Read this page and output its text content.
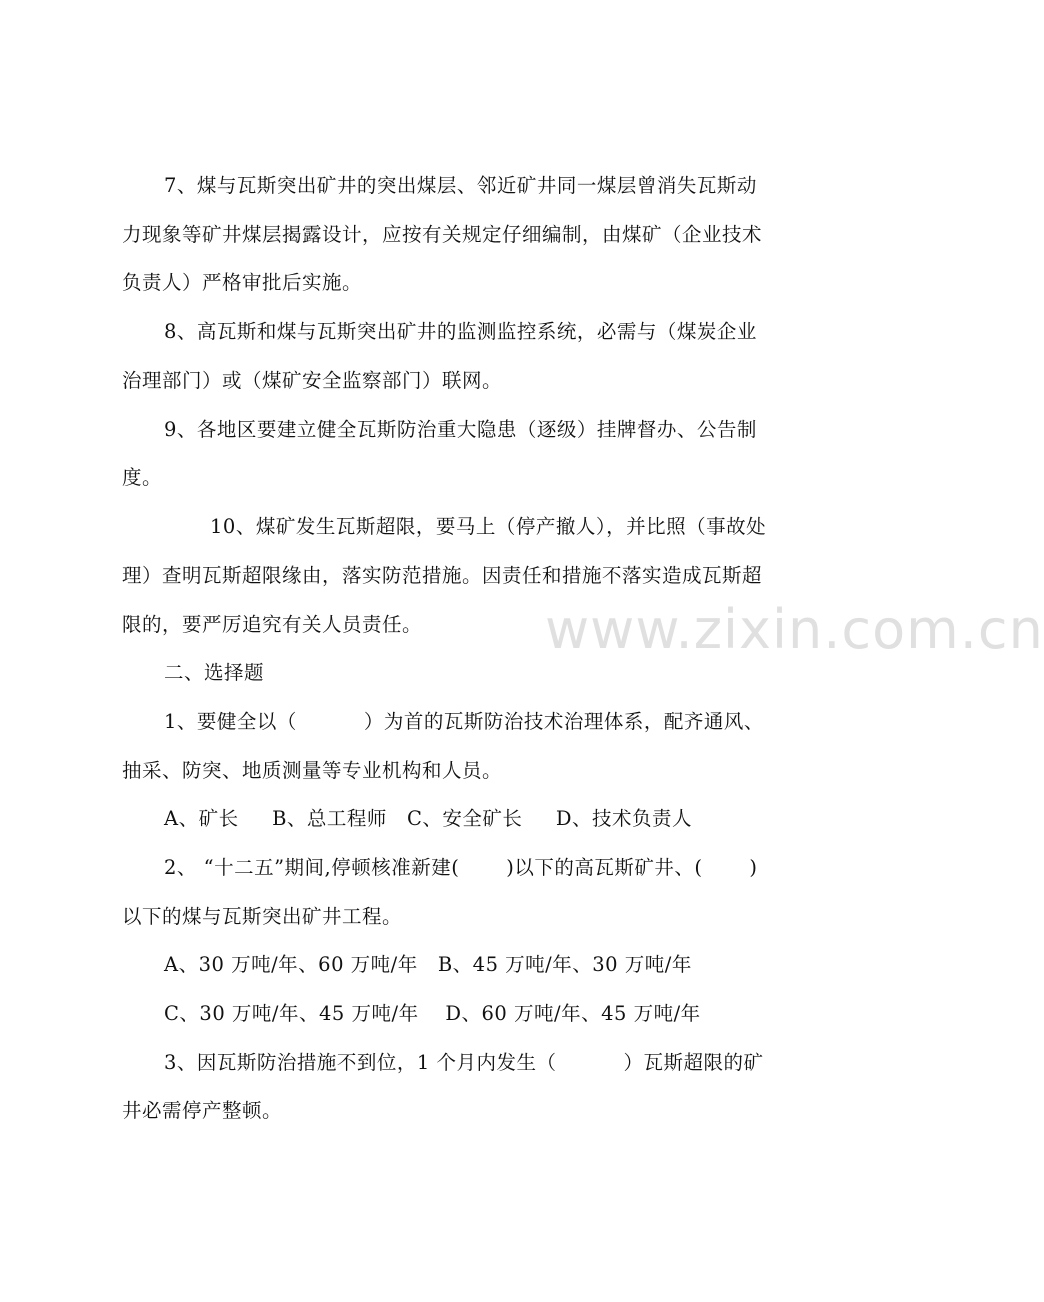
7、煤与瓦斯突出矿井的突出煤层、邻近矿井同一煤层曾消失瓦斯动
力现象等矿井煤层揭露设计，应按有关规定仔细编制，由煤矿（企业技术
负责人）严格审批后实施。
8、高瓦斯和煤与瓦斯突出矿井的监测监控系统，必需与（煤炭企业
治理部门）或（煤矿安全监察部门）联网。
9、各地区要建立健全瓦斯防治重大隐患（逐级）挂牌督办、公告制
度。
10、煤矿发生瓦斯超限，要马上（停产撤人），并比照（事故处
理）查明瓦斯超限缘由，落实防范措施。因责任和措施不落实造成瓦斯超
限的，要严厉追究有关人员责任。
二、选择题
1、要健全以（          ）为首的瓦斯防治技术治理体系，配齐通风、
抽采、防突、地质测量等专业机构和人员。
A、矿长     B、总工程师   C、安全矿长     D、技术负责人
2、 “十二五”期间,停顿核准新建(       )以下的高瓦斯矿井、(       )
以下的煤与瓦斯突出矿井工程。
A、30 万吨/年、60 万吨/年   B、45 万吨/年、30 万吨/年
C、30 万吨/年、45 万吨/年    D、60 万吨/年、45 万吨/年
3、因瓦斯防治措施不到位，1 个月内发生（          ）瓦斯超限的矿
井必需停产整顿。
www.zixin.com.cn
